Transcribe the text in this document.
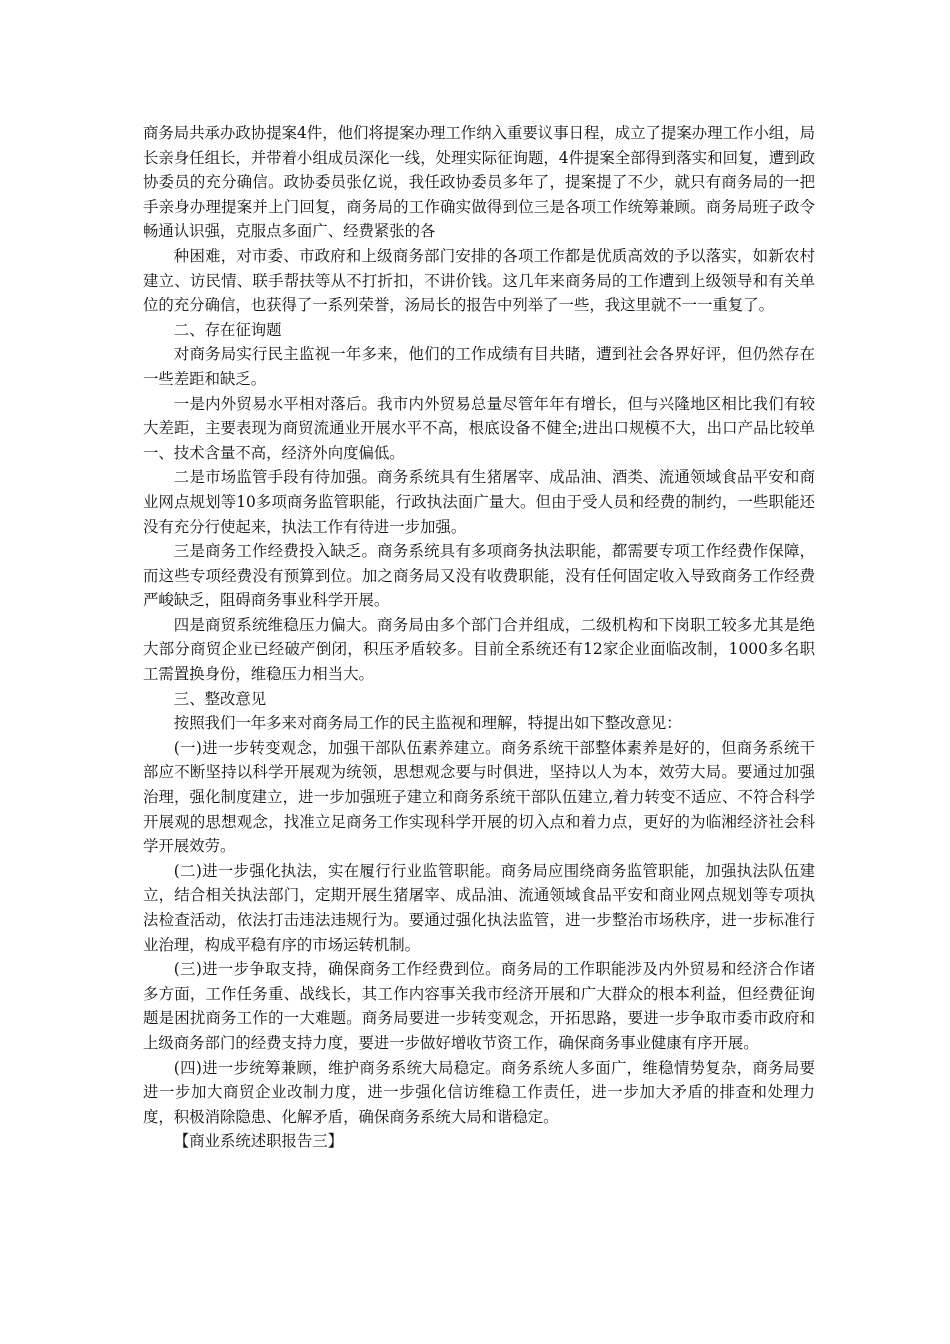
商务局共承办政协提案4件，他们将提案办理工作纳入重要议事日程，成立了提案办理工作小组，局长亲身任组长，并带着小组成员深化一线，处理实际征询题，4件提案全部得到落实和回复，遭到政协委员的充分确信。政协委员张亿说，我任政协委员多年了，提案提了不少，就只有商务局的一把手亲身办理提案并上门回复，商务局的工作确实做得到位三是各项工作统筹兼顾。商务局班子政令畅通认识强，克服点多面广、经费紧张的各

种困难，对市委、市政府和上级商务部门安排的各项工作都是优质高效的予以落实，如新农村建立、访民情、联手帮扶等从不打折扣，不讲价钱。这几年来商务局的工作遭到上级领导和有关单位的充分确信，也获得了一系列荣誉，汤局长的报告中列举了一些，我这里就不一一重复了。

二、存在征询题

对商务局实行民主监视一年多来，他们的工作成绩有目共睹，遭到社会各界好评，但仍然存在一些差距和缺乏。

一是内外贸易水平相对落后。我市内外贸易总量尽管年年有增长，但与兴隆地区相比我们有较大差距，主要表现为商贸流通业开展水平不高，根底设备不健全;进出口规模不大，出口产品比较单一、技术含量不高，经济外向度偏低。

二是市场监管手段有待加强。商务系统具有生猪屠宰、成品油、酒类、流通领域食品平安和商业网点规划等10多项商务监管职能，行政执法面广量大。但由于受人员和经费的制约，一些职能还没有充分行使起来，执法工作有待进一步加强。

三是商务工作经费投入缺乏。商务系统具有多项商务执法职能，都需要专项工作经费作保障，而这些专项经费没有预算到位。加之商务局又没有收费职能，没有任何固定收入导致商务工作经费严峻缺乏，阻碍商务事业科学开展。

四是商贸系统维稳压力偏大。商务局由多个部门合并组成，二级机构和下岗职工较多尤其是绝大部分商贸企业已经破产倒闭，积压矛盾较多。目前全系统还有12家企业面临改制，1000多名职工需置换身份，维稳压力相当大。

三、整改意见

按照我们一年多来对商务局工作的民主监视和理解，特提出如下整改意见：

(一)进一步转变观念，加强干部队伍素养建立。商务系统干部整体素养是好的，但商务系统干部应不断坚持以科学开展观为统领，思想观念要与时俱进，坚持以人为本，效劳大局。要通过加强治理，强化制度建立，进一步加强班子建立和商务系统干部队伍建立,着力转变不适应、不符合科学开展观的思想观念，找准立足商务工作实现科学开展的切入点和着力点，更好的为临湘经济社会科学开展效劳。

(二)进一步强化执法，实在履行行业监管职能。商务局应围绕商务监管职能，加强执法队伍建立，结合相关执法部门，定期开展生猪屠宰、成品油、流通领域食品平安和商业网点规划等专项执法检查活动，依法打击违法违规行为。要通过强化执法监管，进一步整治市场秩序，进一步标准行业治理，构成平稳有序的市场运转机制。

(三)进一步争取支持，确保商务工作经费到位。商务局的工作职能涉及内外贸易和经济合作诸多方面，工作任务重、战线长，其工作内容事关我市经济开展和广大群众的根本利益，但经费征询题是困扰商务工作的一大难题。商务局要进一步转变观念，开拓思路，要进一步争取市委市政府和上级商务部门的经费支持力度，要进一步做好增收节资工作，确保商务事业健康有序开展。

(四)进一步统筹兼顾，维护商务系统大局稳定。商务系统人多面广，维稳情势复杂，商务局要进一步加大商贸企业改制力度，进一步强化信访维稳工作责任，进一步加大矛盾的排查和处理力度，积极消除隐患、化解矛盾，确保商务系统大局和谐稳定。

【商业系统述职报告三】
